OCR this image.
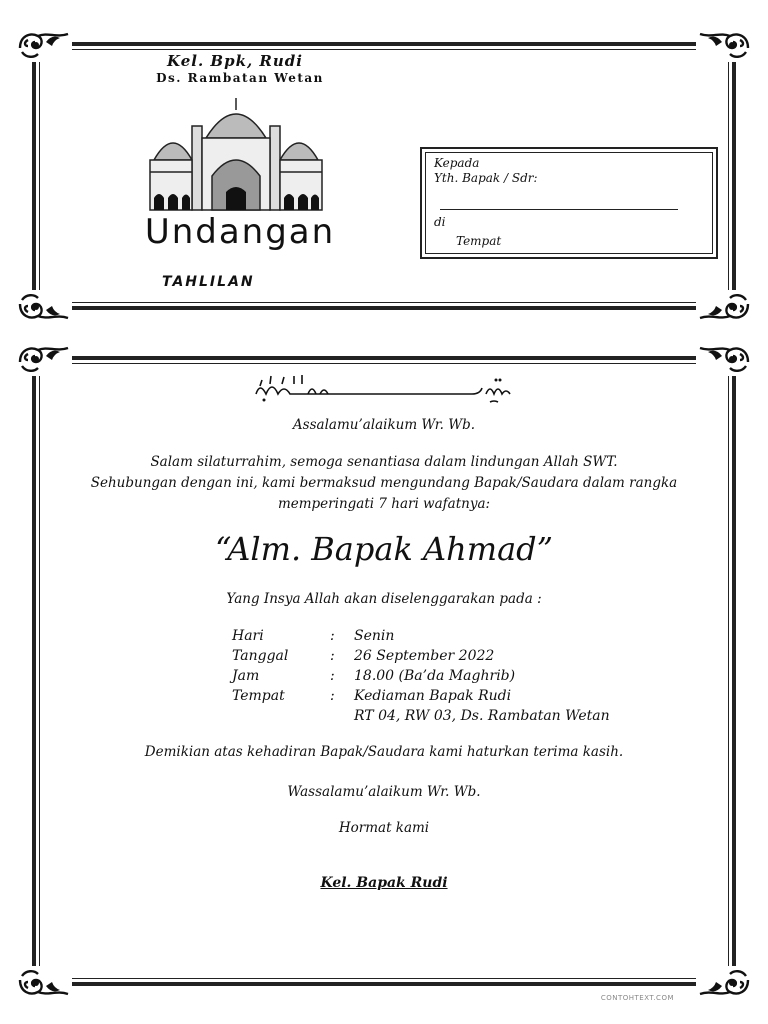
Kel. Bpk, Rudi
Ds. Rambatan Wetan
Undangan
TAHLILAN
Kepada
Yth. Bapak / Sdr:
di
Tempat
Assalamu’alaikum Wr. Wb.
Salam silaturrahim, semoga senantiasa dalam lindungan Allah SWT.
Sehubungan dengan ini, kami bermaksud mengundang Bapak/Saudara dalam rangka
memperingati 7 hari wafatnya:
“Alm. Bapak Ahmad”
Yang Insya Allah akan diselenggarakan pada :
Hari	: Senin
Tanggal	: 26 September 2022
Jam	: 18.00 (Ba’da Maghrib)
Tempat	: Kediaman Bapak Rudi
RT 04, RW 03, Ds. Rambatan Wetan
Demikian atas kehadiran Bapak/Saudara kami haturkan terima kasih.
Wassalamu’alaikum Wr. Wb.
Hormat kami
Kel. Bapak Rudi
CONTOHTEXT.COM
